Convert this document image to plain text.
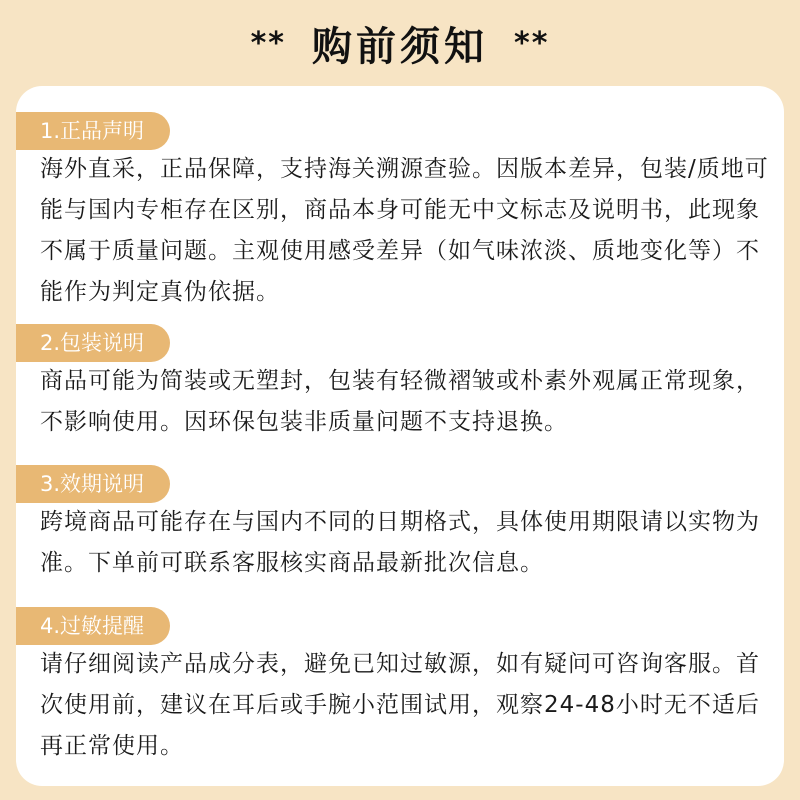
** 购前须知 **
1.正品声明

海外直采，正品保障，支持海关溯源查验。因版本差异，包装/质地可能与国内专柜存在区别，商品本身可能无中文标志及说明书，此现象不属于质量问题。主观使用感受差异（如气味浓淡、质地变化等）不能作为判定真伪依据。

2.包装说明

商品可能为简装或无塑封，包装有轻微褶皱或朴素外观属正常现象，不影响使用。因环保包装非质量问题不支持退换。

3.效期说明

跨境商品可能存在与国内不同的日期格式，具体使用期限请以实物为准。下单前可联系客服核实商品最新批次信息。

4.过敏提醒

请仔细阅读产品成分表，避免已知过敏源，如有疑问可咨询客服。首次使用前，建议在耳后或手腕小范围试用，观察24-48小时无不适后再正常使用。
